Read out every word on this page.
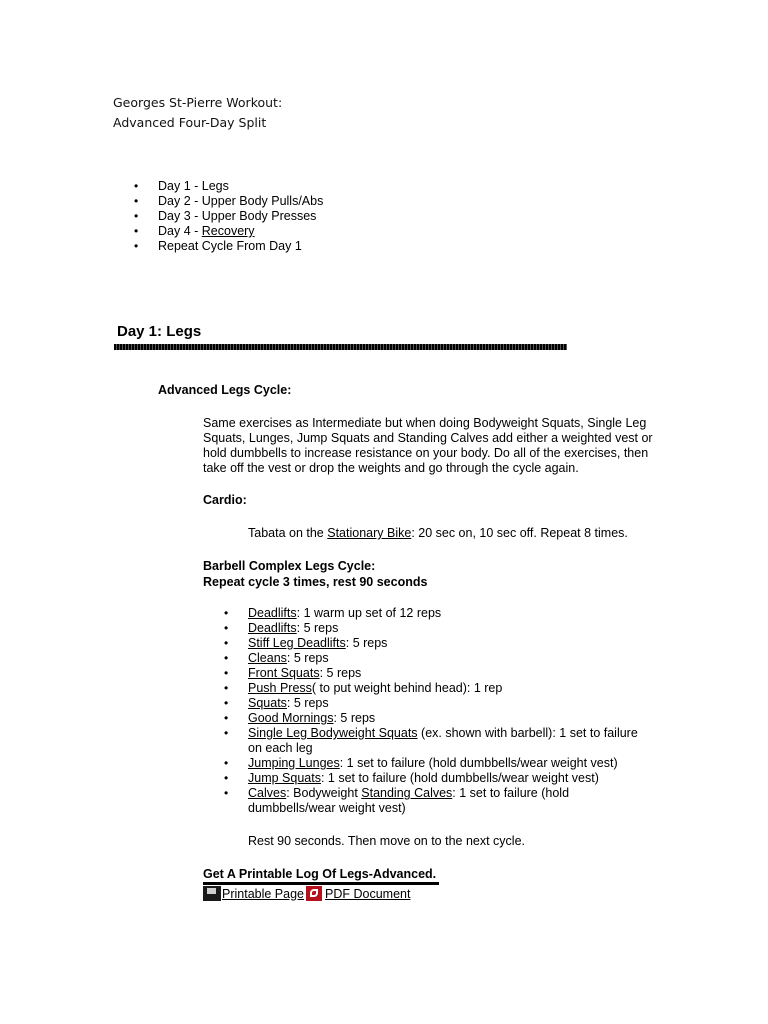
Georges St-Pierre Workout:
Advanced Four-Day Split
• Day 1 - Legs
• Day 2 - Upper Body Pulls/Abs
• Day 3 - Upper Body Presses
• Day 4 - Recovery
• Repeat Cycle From Day 1
Day 1: Legs
Advanced Legs Cycle:
Same exercises as Intermediate but when doing Bodyweight Squats, Single Leg Squats, Lunges, Jump Squats and Standing Calves add either a weighted vest or hold dumbbells to increase resistance on your body. Do all of the exercises, then take off the vest or drop the weights and go through the cycle again.
Cardio:
Tabata on the Stationary Bike: 20 sec on, 10 sec off. Repeat 8 times.
Barbell Complex Legs Cycle:
Repeat cycle 3 times, rest 90 seconds
• Deadlifts: 1 warm up set of 12 reps
• Deadlifts: 5 reps
• Stiff Leg Deadlifts: 5 reps
• Cleans: 5 reps
• Front Squats: 5 reps
• Push Press( to put weight behind head): 1 rep
• Squats: 5 reps
• Good Mornings: 5 reps
• Single Leg Bodyweight Squats (ex. shown with barbell): 1 set to failure on each leg
• Jumping Lunges: 1 set to failure (hold dumbbells/wear weight vest)
• Jump Squats: 1 set to failure (hold dumbbells/wear weight vest)
• Calves: Bodyweight Standing Calves: 1 set to failure (hold dumbbells/wear weight vest)
Rest 90 seconds. Then move on to the next cycle.
Get A Printable Log Of Legs-Advanced.
Printable Page PDF Document
